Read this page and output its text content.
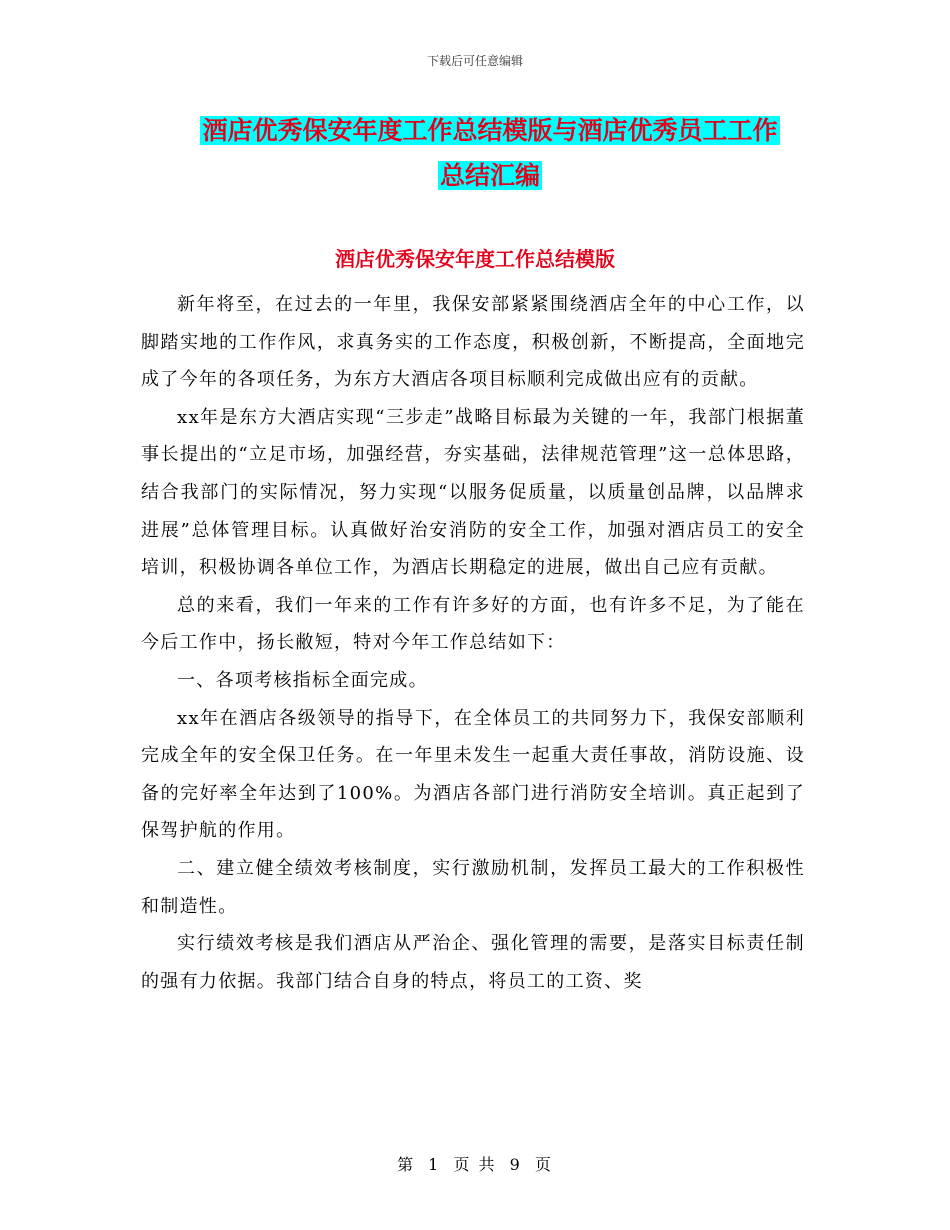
下载后可任意编辑
酒店优秀保安年度工作总结模版与酒店优秀员工工作
总结汇编
酒店优秀保安年度工作总结模版

新年将至，在过去的一年里，我保安部紧紧围绕酒店全年的中心工作，以脚踏实地的工作作风，求真务实的工作态度，积极创新，不断提高，全面地完成了今年的各项任务，为东方大酒店各项目标顺利完成做出应有的贡献。

xx年是东方大酒店实现“三步走”战略目标最为关键的一年，我部门根据董事长提出的“立足市场，加强经营，夯实基础，法律规范管理”这一总体思路，结合我部门的实际情况，努力实现“以服务促质量，以质量创品牌，以品牌求进展”总体管理目标。认真做好治安消防的安全工作，加强对酒店员工的安全培训，积极协调各单位工作，为酒店长期稳定的进展，做出自己应有贡献。

总的来看，我们一年来的工作有许多好的方面，也有许多不足，为了能在今后工作中，扬长敝短，特对今年工作总结如下：

一、各项考核指标全面完成。

xx年在酒店各级领导的指导下，在全体员工的共同努力下，我保安部顺利完成全年的安全保卫任务。在一年里未发生一起重大责任事故，消防设施、设备的完好率全年达到了100%。为酒店各部门进行消防安全培训。真正起到了保驾护航的作用。

二、建立健全绩效考核制度，实行激励机制，发挥员工最大的工作积极性和制造性。

实行绩效考核是我们酒店从严治企、强化管理的需要，是落实目标责任制的强有力依据。我部门结合自身的特点，将员工的工资、奖

第 1 页 共 9 页
